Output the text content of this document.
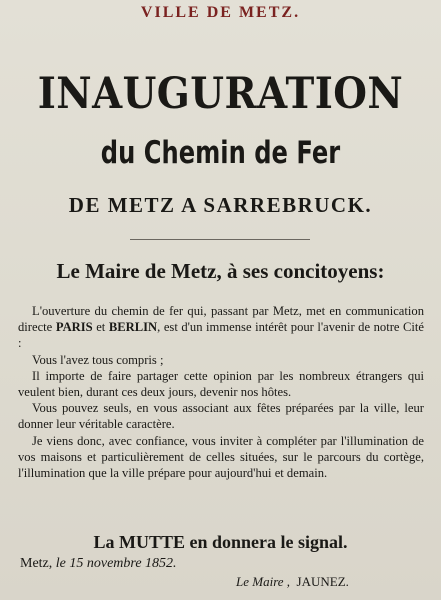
VILLE DE METZ.
INAUGURATION
du Chemin de Fer
DE METZ A SARREBRUCK.
Le Maire de Metz, à ses concitoyens:

L'ouverture du chemin de fer qui, passant par Metz, met en communication directe PARIS et BERLIN, est d'un immense intérêt pour l'avenir de notre Cité :

Vous l'avez tous compris ;

Il importe de faire partager cette opinion par les nombreux étrangers qui veulent bien, durant ces deux jours, devenir nos hôtes.

Vous pouvez seuls, en vous associant aux fêtes préparées par la ville, leur donner leur véritable caractère.

Je viens donc, avec confiance, vous inviter à compléter par l'illumination de vos maisons et particulièrement de celles situées, sur le parcours du cortège, l'illumination que la ville prépare pour aujourd'hui et demain.

La MUTTE en donnera le signal.
Metz, le 15 novembre 1852.
Le Maire , JAUNEZ.
